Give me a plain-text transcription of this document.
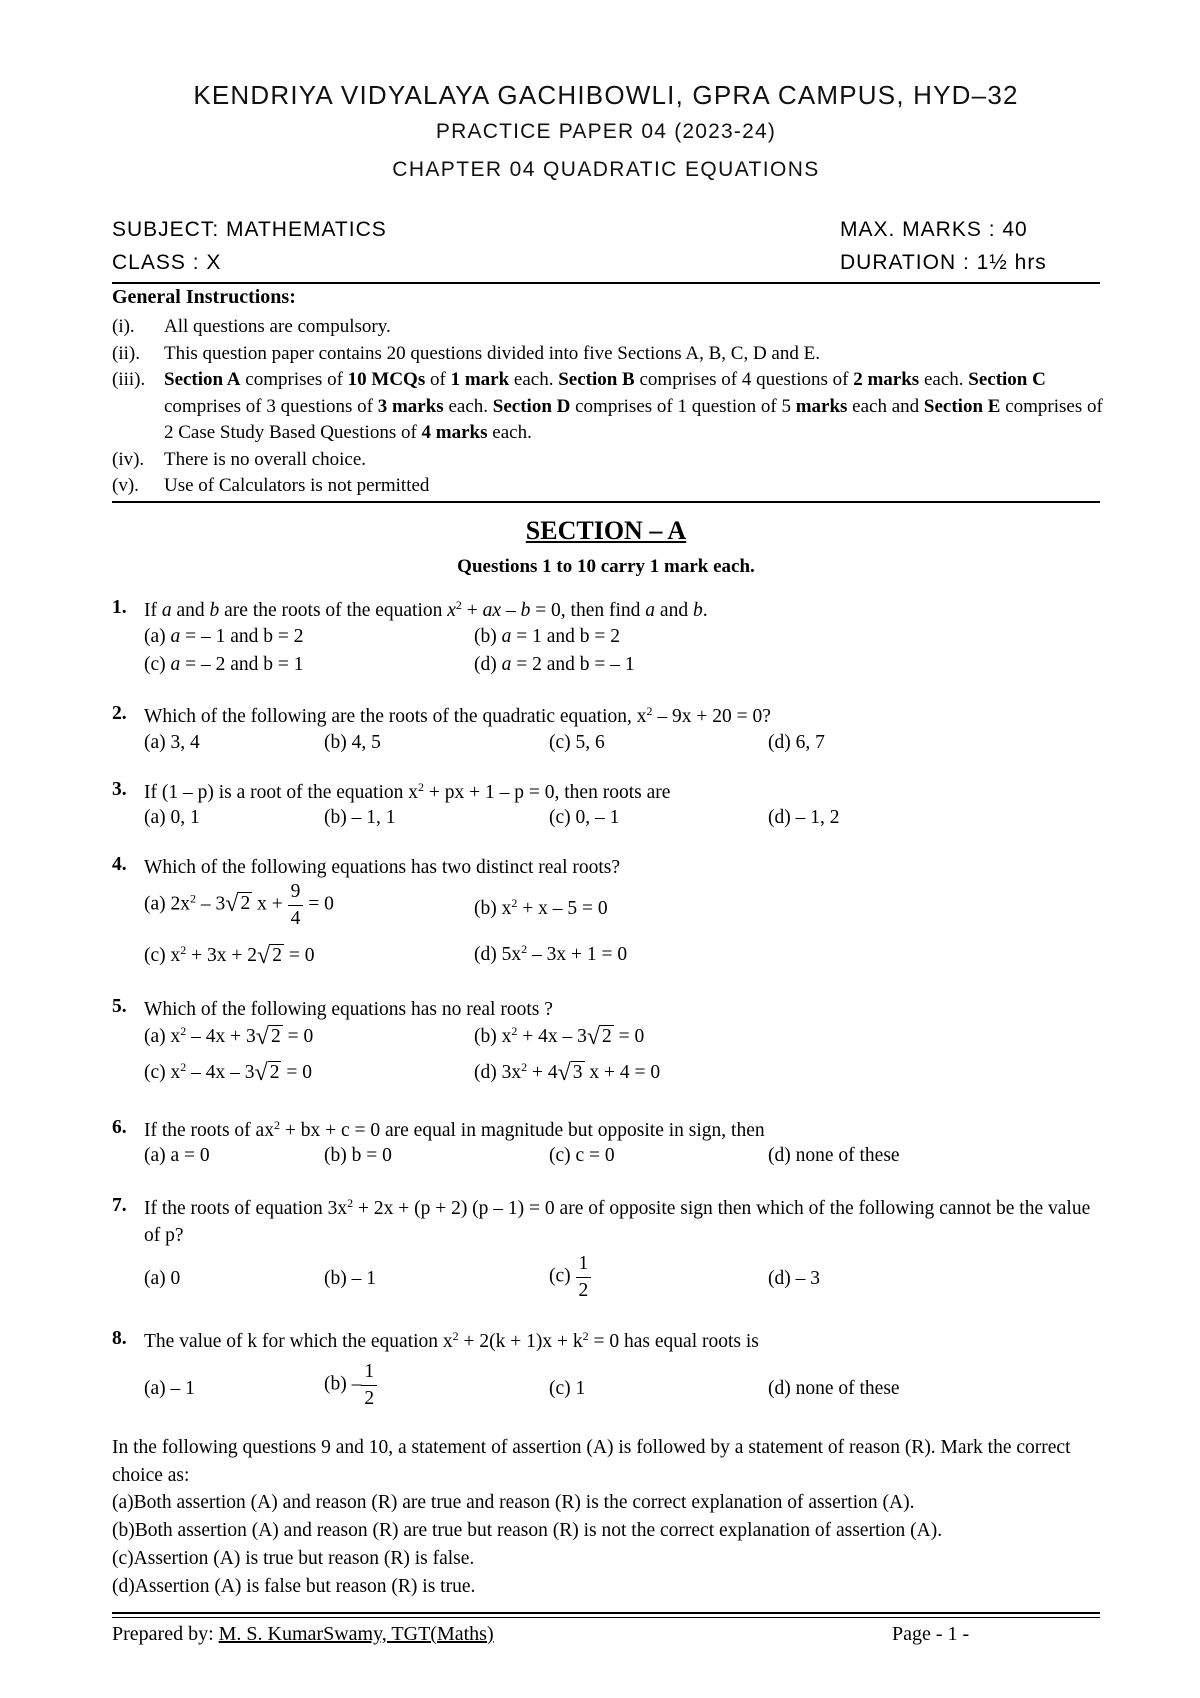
KENDRIYA VIDYALAYA GACHIBOWLI, GPRA CAMPUS, HYD–32
PRACTICE PAPER 04 (2023-24)
CHAPTER 04 QUADRATIC EQUATIONS
SUBJECT: MATHEMATICS	MAX. MARKS : 40
CLASS : X	DURATION : 1½ hrs
General Instructions:
(i). All questions are compulsory.
(ii). This question paper contains 20 questions divided into five Sections A, B, C, D and E.
(iii). Section A comprises of 10 MCQs of 1 mark each. Section B comprises of 4 questions of 2 marks each. Section C comprises of 3 questions of 3 marks each. Section D comprises of 1 question of 5 marks each and Section E comprises of 2 Case Study Based Questions of 4 marks each.
(iv). There is no overall choice.
(v). Use of Calculators is not permitted
SECTION – A
Questions 1 to 10 carry 1 mark each.
1. If a and b are the roots of the equation $x^2$ + ax – b = 0, then find a and b.
(a) a = – 1 and b = 2	(b) a = 1 and b = 2
(c) a = – 2 and b = 1	(d) a = 2 and b = – 1
2. Which of the following are the roots of the quadratic equation, $x^2 - 9x + 20 = 0$?
(a) 3, 4	(b) 4, 5	(c) 5, 6	(d) 6, 7
3. If (1 – p) is a root of the equation $x^2$ + px + 1 – p = 0, then roots are
(a) 0, 1	(b) – 1, 1	(c) 0, – 1	(d) – 1, 2
4. Which of the following equations has two distinct real roots?
(a) $2x^2 - 3√$ 2 $x + \frac{9}{4} = 0$	(b) $x^2 + x - 5 = 0$
(c) $x^2 + 3x + 2√$ 2 = 0	(d) $5x^2 - 3x + 1 = 0$
5. Which of the following equations has no real roots ?
(a) $x^2 - 4x + 3√$ 2 = 0	(b) $x^2 + 4x - 3√$ 2 = 0
(c) $x^2 - 4x - 3√$ 2 = 0	(d) $3x^2 + 4√$ 3 x + 4 = 0
6. If the roots of $ax^2$ + bx + c = 0 are equal in magnitude but opposite in sign, then
(a) a = 0	(b) b = 0	(c) c = 0	(d) none of these
7. If the roots of equation $3x^2 + 2x + (p + 2)$ (p – 1) = 0 are of opposite sign then which of the following cannot be the value of p?
(a) 0	(b) – 1	$(c) \frac{1}{2}$	(d) – 3
8. The value of k for which the equation $x^2 + 2(k + 1)x + k^2 = 0$ has equal roots is
(a) – 1	$(b) - \frac{1}{2}$	(c) 1	(d) none of these
In the following questions 9 and 10, a statement of assertion (A) is followed by a statement of reason (R). Mark the correct choice as:
(a)Both assertion (A) and reason (R) are true and reason (R) is the correct explanation of assertion (A).
(b)Both assertion (A) and reason (R) are true but reason (R) is not the correct explanation of assertion (A).
(c)Assertion (A) is true but reason (R) is false.
(d)Assertion (A) is false but reason (R) is true.
Prepared by: M. S. KumarSwamy, TGT(Maths)	Page - 1 -
